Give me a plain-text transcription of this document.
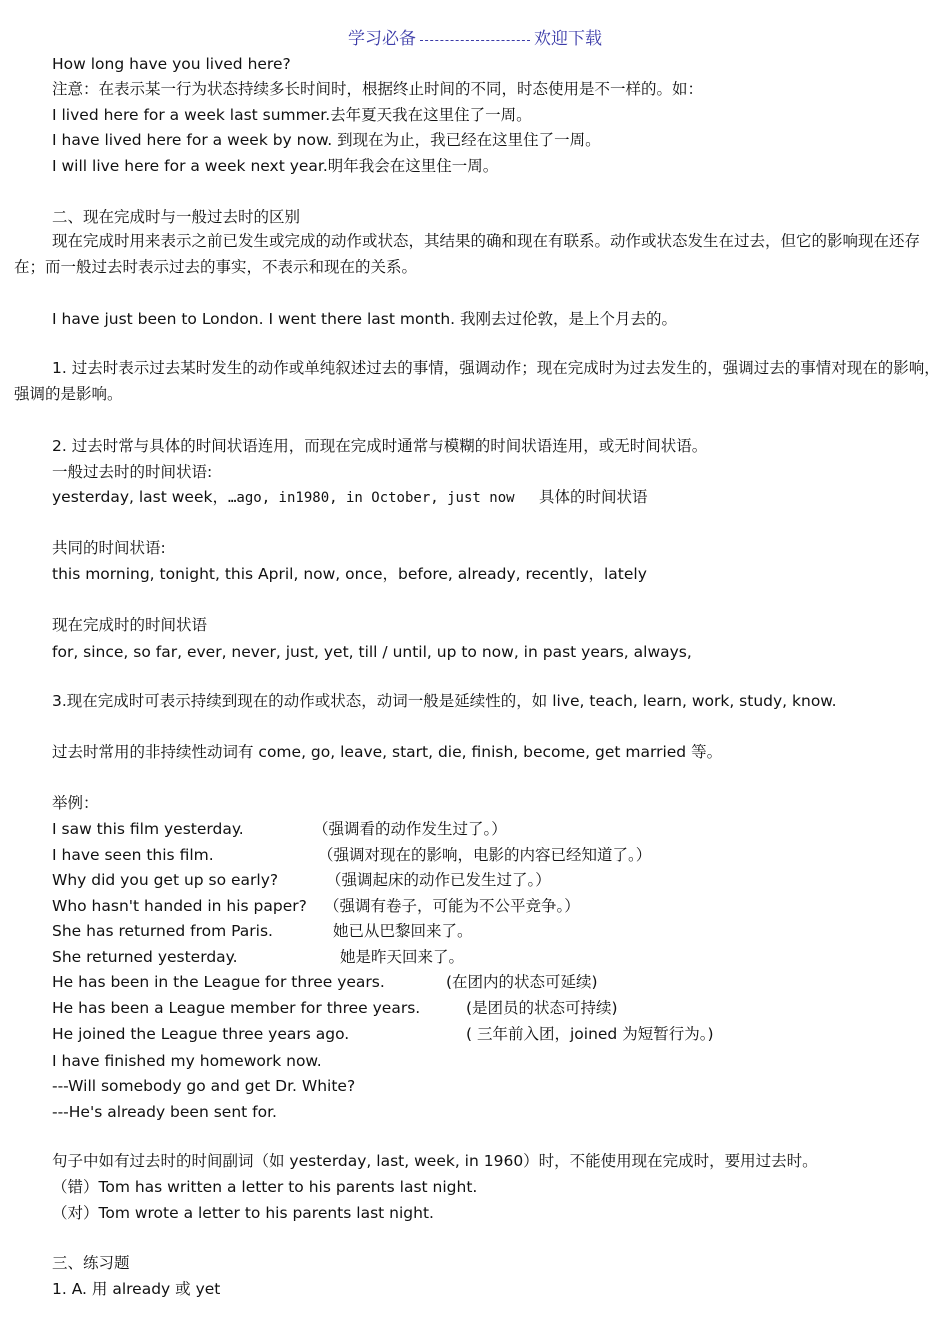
学习必备	欢迎下载
How long have you lived here?
注意：在表示某一行为状态持续多长时间时，根据终止时间的不同，时态使用是不一样的。如：
I lived here for a week last summer.去年夏天我在这里住了一周。
I have lived here for a week by now. 到现在为止，我已经在这里住了一周。
I will live here for a week next year.明年我会在这里住一周。
二、现在完成时与一般过去时的区别
现在完成时用来表示之前已发生或完成的动作或状态，其结果的确和现在有联系。动作或状态发生在过去，但它的影响现在还存在；而一般过去时表示过去的事实，不表示和现在的关系。
I have just been to London. I went there last month. 我刚去过伦敦，是上个月去的。
1. 过去时表示过去某时发生的动作或单纯叙述过去的事情，强调动作；现在完成时为过去发生的，强调过去的事情对现在的影响，强调的是影响。
2. 过去时常与具体的时间状语连用，而现在完成时通常与模糊的时间状语连用，或无时间状语。
一般过去时的时间状语:
yesterday, last week，…ago, in1980, in October, just now 具体的时间状语
共同的时间状语:
this morning, tonight, this April, now, once，before, already, recently，lately
现在完成时的时间状语
for, since, so far, ever, never, just, yet, till / until, up to now, in past years, always,
3.现在完成时可表示持续到现在的动作或状态，动词一般是延续性的，如 live, teach, learn, work, study, know.
过去时常用的非持续性动词有 come, go, leave, start, die, finish, become, get married 等。
举例：
I saw this film yesterday.	（强调看的动作发生过了。）
I have seen this film.	（强调对现在的影响，电影的内容已经知道了。）
Why did you get up so early?	（强调起床的动作已发生过了。）
Who hasn't handed in his paper? （强调有卷子，可能为不公平竞争。）
She has returned from Paris.	她已从巴黎回来了。
She returned yesterday.	她是昨天回来了。
He has been in the League for three years.	(在团内的状态可延续)
He has been a League member for three years.	(是团员的状态可持续)
He joined the League three years ago.	( 三年前入团，joined 为短暂行为。)
I have finished my homework now.
---Will somebody go and get Dr. White?
---He's already been sent for.
句子中如有过去时的时间副词（如 yesterday, last, week, in 1960）时，不能使用现在完成时，要用过去时。
（错）Tom has written a letter to his parents last night.
（对）Tom wrote a letter to his parents last night.
三、练习题
1. A. 用 already 或 yet
